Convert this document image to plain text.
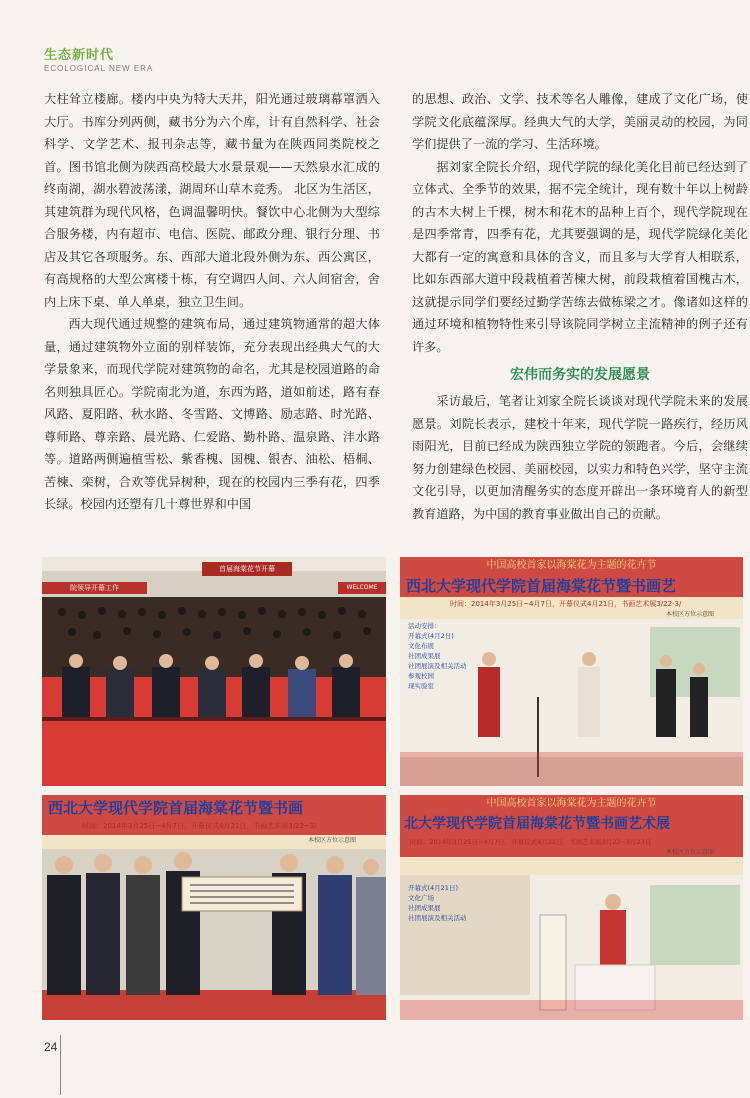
生态新时代
ECOLOGICAL NEW ERA

大柱耸立楼廊。楼内中央为特大天井，阳光通过玻璃幕罩洒入大厅。书库分列两侧，藏书分为六个库，计有自然科学、社会科学、文学艺术、报刊杂志等，藏书量为在陕西同类院校之首。图书馆北侧为陕西高校最大水景景观——天然泉水汇成的终南湖，湖水碧波荡漾，湖周环山草木竞秀。 北区为生活区，其建筑群为现代风格，色调温馨明快。餐饮中心北侧为大型综合服务楼，内有超市、电信、医院、邮政分理、银行分理、书店及其它各项服务。东、西部大道北段外侧为东、西公寓区，有高规格的大型公寓楼十栋，有空调四人间、六人间宿舍，舍内上床下桌、单人单桌，独立卫生间。

西大现代通过规整的建筑布局，通过建筑物通常的超大体量，通过建筑物外立面的别样装饰，充分表现出经典大气的大学景象来，而现代学院对建筑物的命名，尤其是校园道路的命名则独具匠心。学院南北为道，东西为路，道如前述，路有春风路、夏阳路、秋水路、冬雪路、文博路、励志路、时光路、尊师路、尊亲路、晨光路、仁爱路、勤朴路、温泉路、沣水路等。道路两侧遍植雪松、紫香槐、国槐、银杏、油松、梧桐、苦楝、栾树，合欢等优异树种，现在的校园内三季有花，四季长绿。校园内还塑有几十尊世界和中国

的思想、政治、文学、技术等名人雕像，建成了文化广场，使学院文化底蕴深厚。经典大气的大学，美丽灵动的校园，为同学们提供了一流的学习、生活环境。

据刘家全院长介绍，现代学院的绿化美化目前已经达到了立体式、全季节的效果，据不完全统计，现有数十年以上树龄的古木大树上千棵，树木和花木的品种上百个，现代学院现在是四季常青，四季有花，尤其要强调的是，现代学院绿化美化大都有一定的寓意和具体的含义，而且多与大学育人相联系，比如东西部大道中段栽植着苦楝大树，前段栽植着国槐古木，这就提示同学们要经过勤学苦练去做栋梁之才。像诸如这样的通过环境和植物特性来引导该院同学树立主流精神的例子还有许多。

宏伟而务实的发展愿景

采访最后，笔者让刘家全院长谈谈对现代学院未来的发展愿景。刘院长表示，建校十年来，现代学院一路疾行，经历风雨阳光，目前已经成为陕西独立学院的领跑者。今后，会继续努力创建绿色校园、美丽校园，以实力和特色兴学，坚守主流文化引导，以更加清醒务实的态度开辟出一条环境育人的新型教育道路，为中国的教育事业做出自己的贡献。

首届海棠花节开幕
院领导开幕工作	WELCOME
中国高校首家以海棠花为主题的花卉节
西北大学现代学院首届海棠花节暨书画艺
时间：2014年3月25日~4月7日，开幕仪式4月21日，书画艺术展3/22-3/
本校区方位示意图
活动安排：
开幕式(4月2日)
文化布展
社团成果展
社团展演及相关活动
参观校园
现实验室
西北大学现代学院首届海棠花节暨书画
时间：2014年3月25日~4月7日，开幕仪式4月21日，书画艺术展3/22~3/
本校区方位示意图
中国高校首家以海棠花为主题的花卉节
北大学现代学院首届海棠花节暨书画艺术展
时间：2014年3月25日~4月7日，开幕仪式4月21日，书画艺术展3月22~3月23日
本校区方位示意图
开幕式(4月21日)
文化广场
社团成果展
社团展演及相关活动
24
